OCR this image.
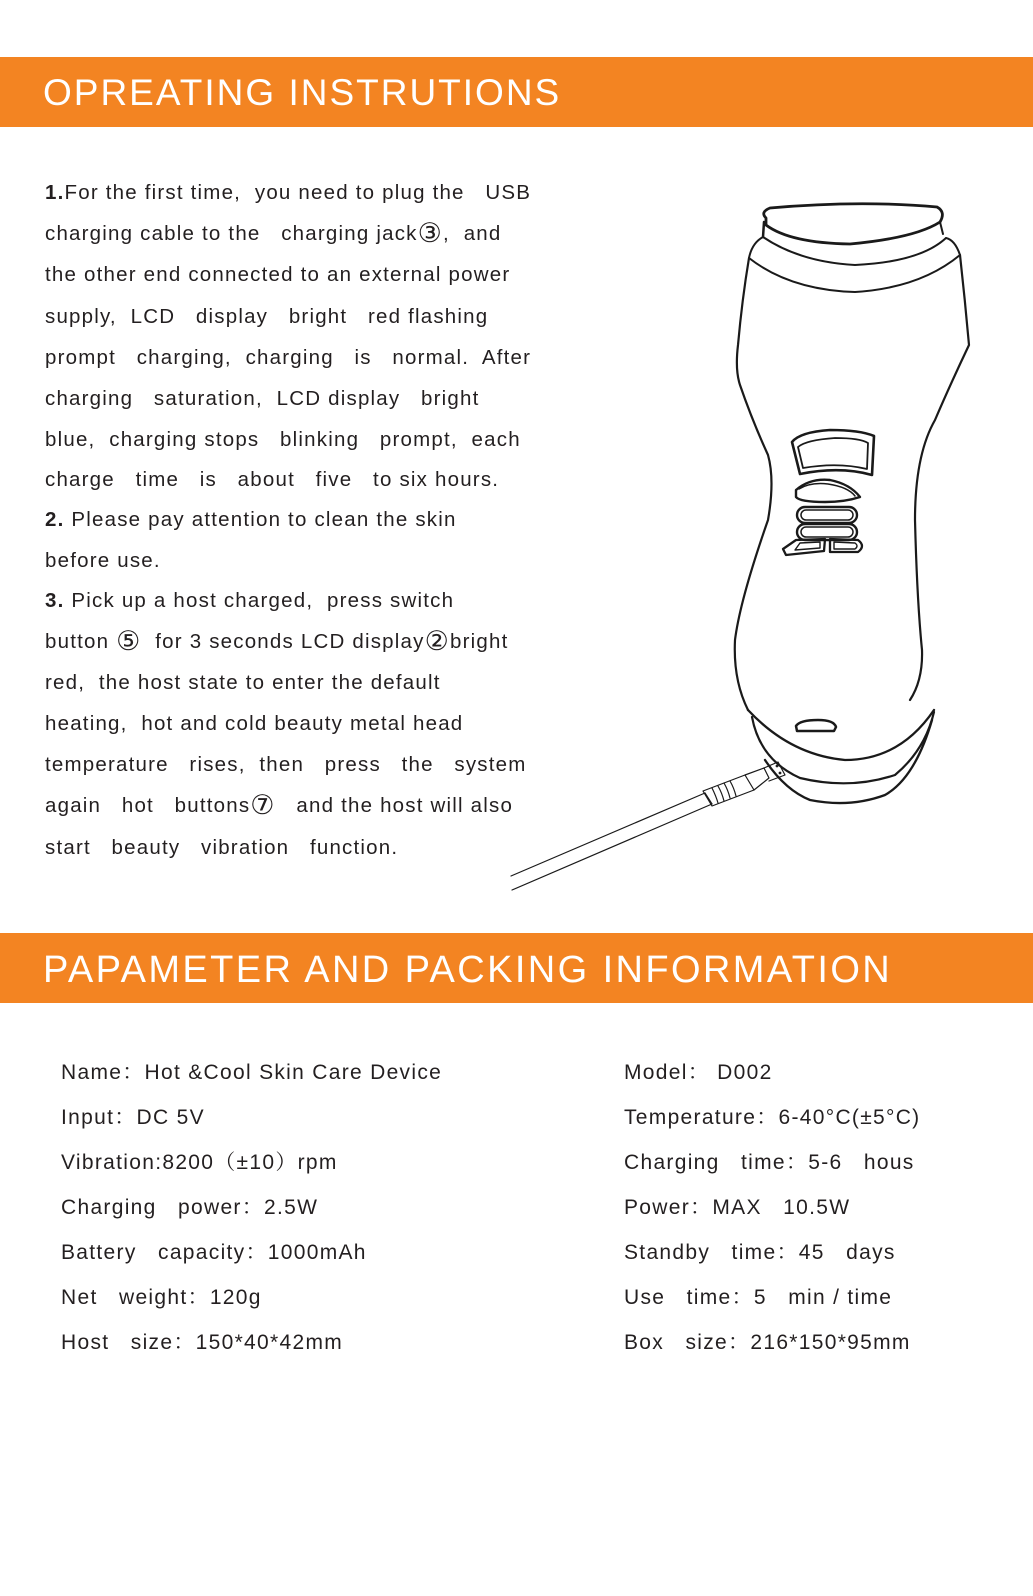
OPREATING INSTRUTIONS
1.For the first time,  you need to plug the   USB
charging cable to the   charging jack③,  and
the other end connected to an external power
supply,  LCD   display   bright   red flashing
prompt   charging,  charging   is   normal.  After
charging   saturation,  LCD display   bright
blue,  charging stops   blinking   prompt,  each
charge   time   is   about   five   to six hours.
2. Please pay attention to clean the skin
before use.
3. Pick up a host charged,  press switch
button ⑤  for 3 seconds LCD display②bright
red,  the host state to enter the default
heating,  hot and cold beauty metal head
temperature   rises,  then   press   the   system
again   hot   buttons⑦   and the host will also
start   beauty   vibration   function.
PAPAMETER AND PACKING INFORMATION
Name：Hot &Cool Skin Care Device
Input：DC 5V
Vibration:8200（±10）rpm
Charging   power：2.5W
Battery   capacity：1000mAh
Net   weight：120g
Host   size：150*40*42mm
Model： D002
Temperature：6-40°C(±5°C)
Charging   time：5-6   hous
Power：MAX   10.5W
Standby   time：45   days
Use   time：5   min / time
Box   size：216*150*95mm
